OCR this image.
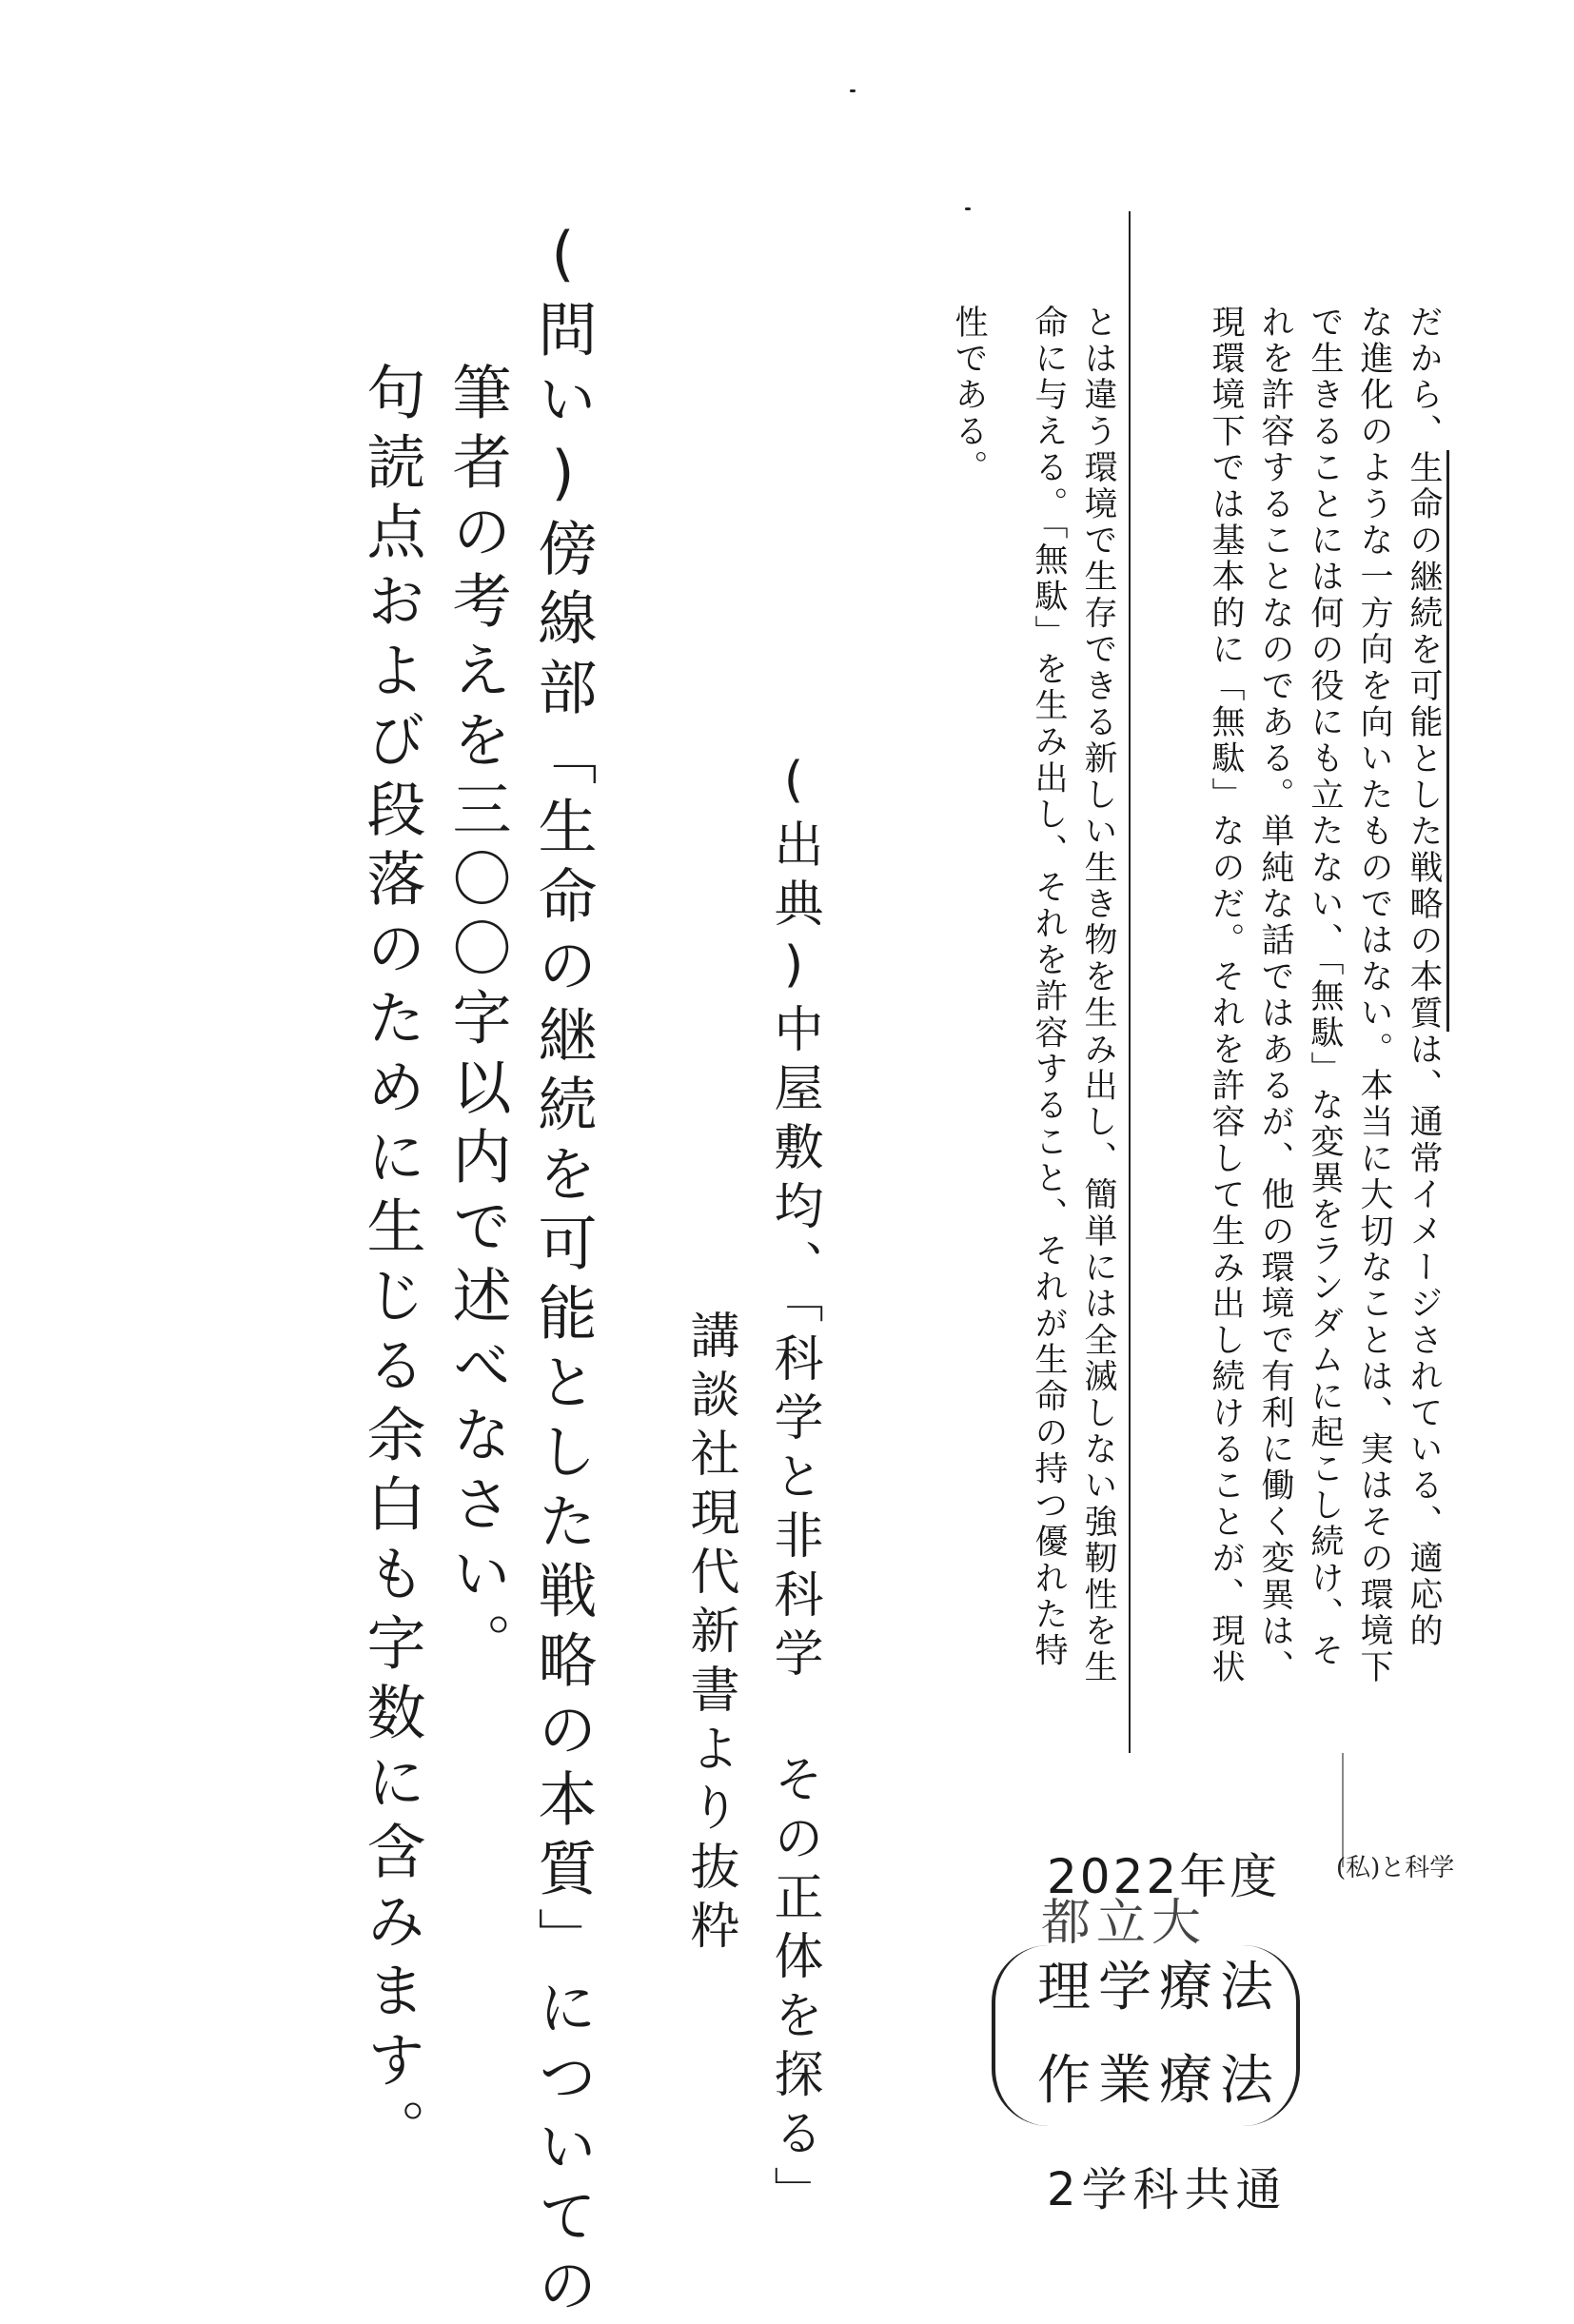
だから、生命の継続を可能とした戦略の本質は、通常イメージされている、適応的
な進化のような一方向を向いたものではない。本当に大切なことは、実はその環境下
で生きることには何の役にも立たない、「無駄」な変異をランダムに起こし続け、そ
れを許容することなのである。単純な話ではあるが、他の環境で有利に働く変異は、
現環境下では基本的に「無駄」なのだ。それを許容して生み出し続けることが、現状
とは違う環境で生存できる新しい生き物を生み出し、簡単には全滅しない強靭性を生
命に与える。「無駄」を生み出し、それを許容すること、それが生命の持つ優れた特
性である。
(私)と科学
(出典)中屋敷均、「科学と非科学 その正体を探る」
講談社現代新書より抜粋
(問い)傍線部「生命の継続を可能とした戦略の本質」についての
筆者の考えを三〇〇字以内で述べなさい。
句読点および段落のために生じる余白も字数に含みます。	2022年度
都立大
理学療法
作業療法
2学科共通
